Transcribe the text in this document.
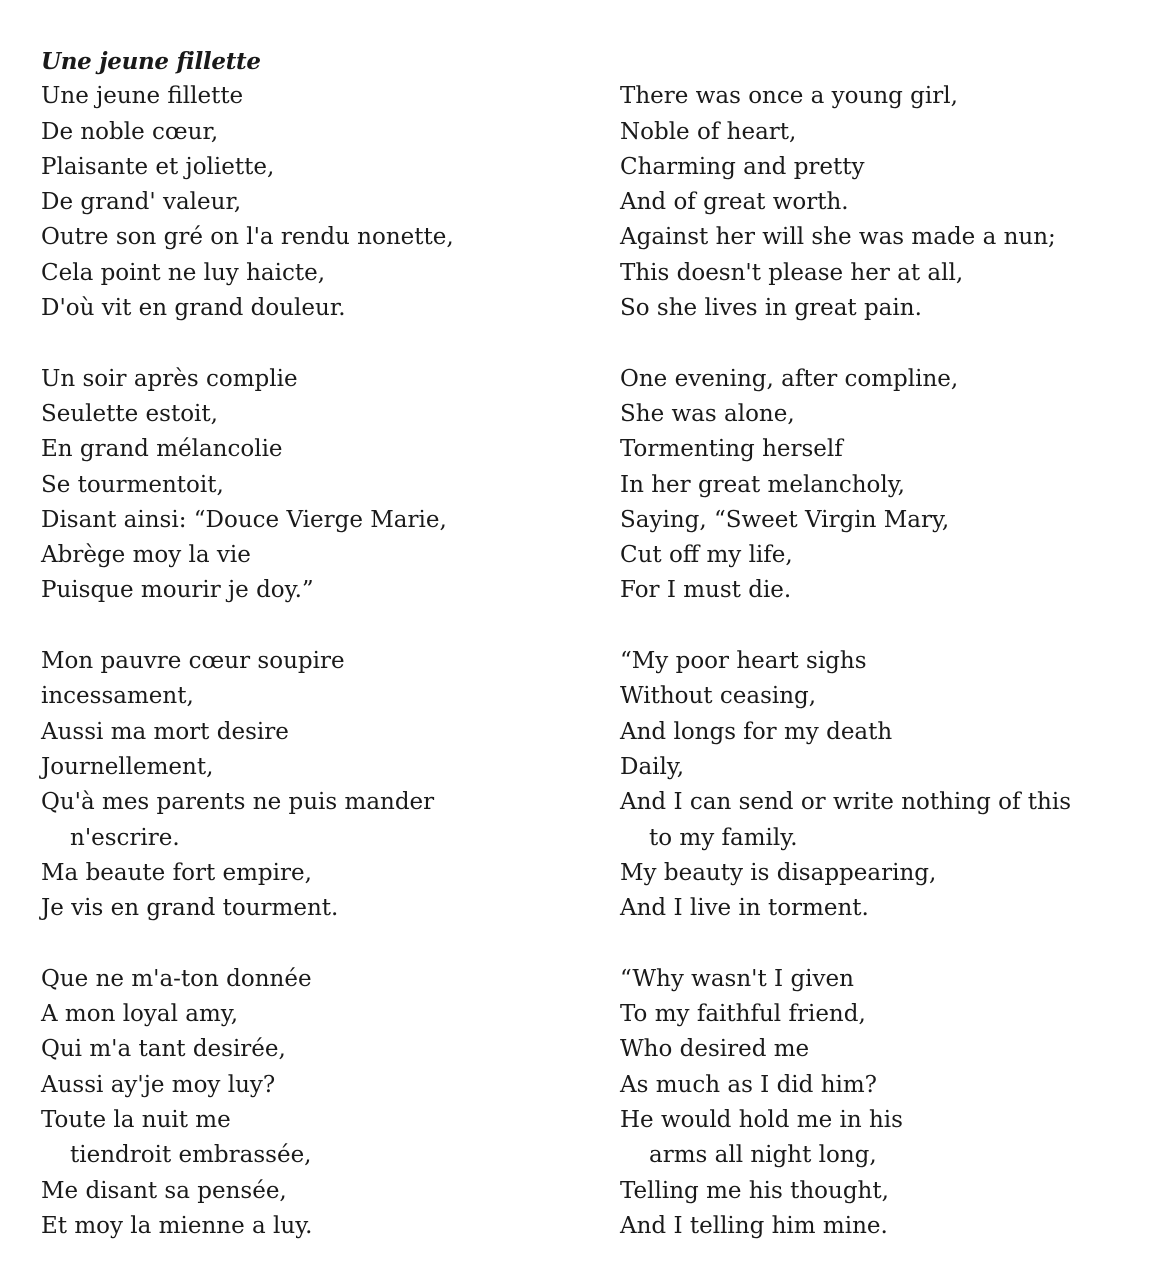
Une jeune fillette
Une jeune fillette
De noble cœur,
Plaisante et joliette,
De grand' valeur,
Outre son gré on l'a rendu nonette,
Cela point ne luy haicte,
D'où vit en grand douleur.
Un soir après complie
Seulette estoit,
En grand mélancolie
Se tourmentoit,
Disant ainsi: “Douce Vierge Marie,
Abrège moy la vie
Puisque mourir je doy.”
Mon pauvre cœur soupire
incessament,
Aussi ma mort desire
Journellement,
Qu'à mes parents ne puis mander
n'escrire.
Ma beaute fort empire,
Je vis en grand tourment.
Que ne m'a-ton donnée
A mon loyal amy,
Qui m'a tant desirée,
Aussi ay'je moy luy?
Toute la nuit me
tiendroit embrassée,
Me disant sa pensée,
Et moy la mienne a luy.
There was once a young girl,
Noble of heart,
Charming and pretty
And of great worth.
Against her will she was made a nun;
This doesn't please her at all,
So she lives in great pain.
One evening, after compline,
She was alone,
Tormenting herself
In her great melancholy,
Saying, “Sweet Virgin Mary,
Cut off my life,
For I must die.
“My poor heart sighs
Without ceasing,
And longs for my death
Daily,
And I can send or write nothing of this
to my family.
My beauty is disappearing,
And I live in torment.
“Why wasn't I given
To my faithful friend,
Who desired me
As much as I did him?
He would hold me in his
arms all night long,
Telling me his thought,
And I telling him mine.
